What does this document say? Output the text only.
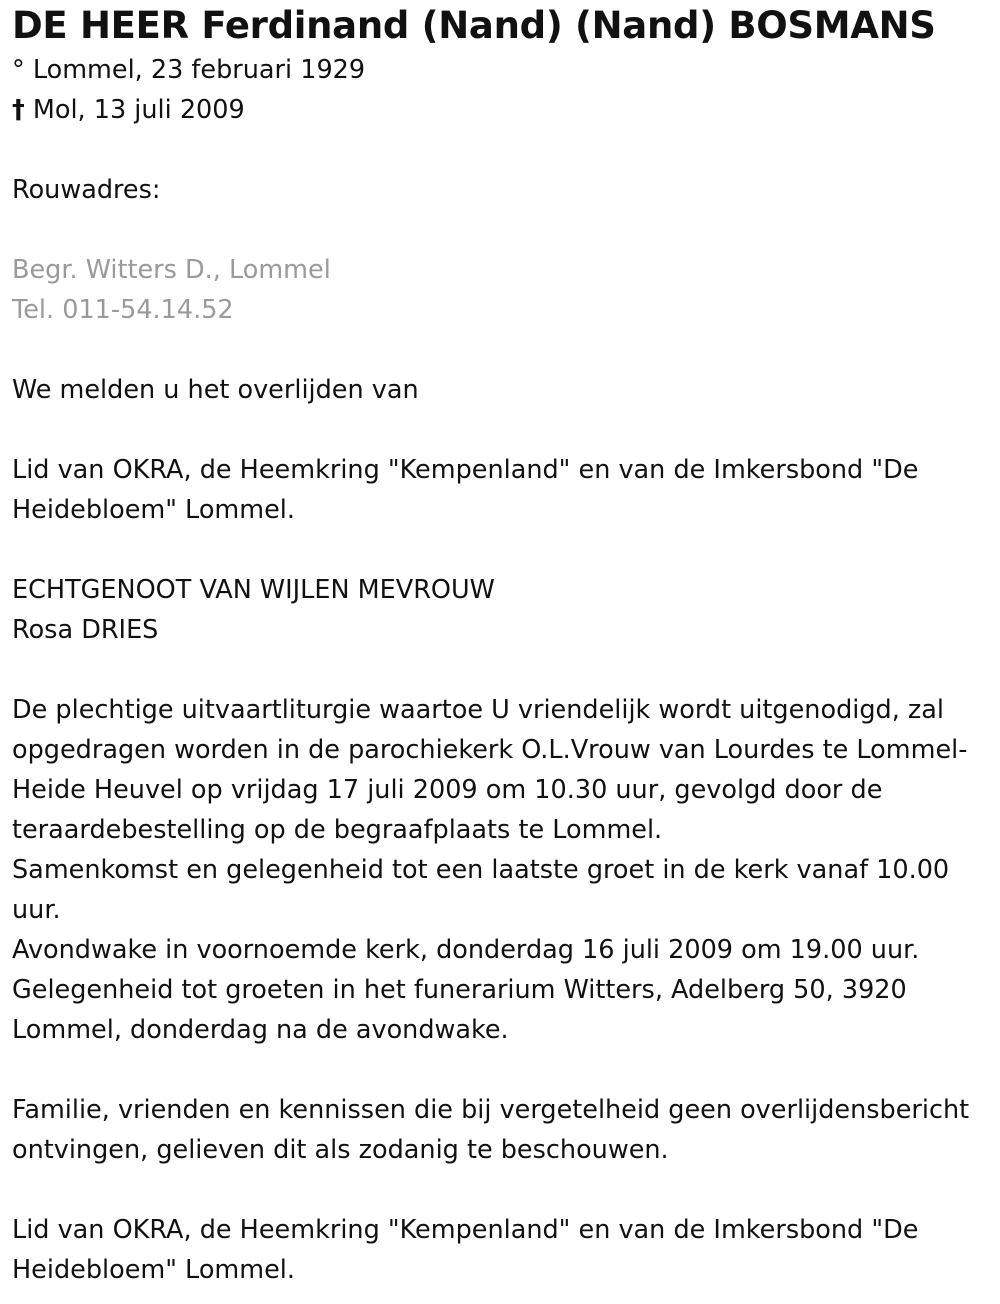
DE HEER Ferdinand (Nand) (Nand) BOSMANS
° Lommel, 23 februari 1929
† Mol, 13 juli 2009
Rouwadres:
Begr. Witters D., Lommel
Tel. 011-54.14.52
We melden u het overlijden van

Lid van OKRA, de Heemkring "Kempenland" en van de Imkersbond "De Heidebloem" Lommel.

ECHTGENOOT VAN WIJLEN MEVROUW
Rosa DRIES

De plechtige uitvaartliturgie waartoe U vriendelijk wordt uitgenodigd, zal opgedragen worden in de parochiekerk O.L.Vrouw van Lourdes te Lommel-Heide Heuvel op vrijdag 17 juli 2009 om 10.30 uur, gevolgd door de teraardebestelling op de begraafplaats te Lommel.

Samenkomst en gelegenheid tot een laatste groet in de kerk vanaf 10.00 uur.

Avondwake in voornoemde kerk, donderdag 16 juli 2009 om 19.00 uur.

Gelegenheid tot groeten in het funerarium Witters, Adelberg 50, 3920 Lommel, donderdag na de avondwake.

Familie, vrienden en kennissen die bij vergetelheid geen overlijdensbericht ontvingen, gelieven dit als zodanig te beschouwen.

Lid van OKRA, de Heemkring "Kempenland" en van de Imkersbond "De Heidebloem" Lommel.
